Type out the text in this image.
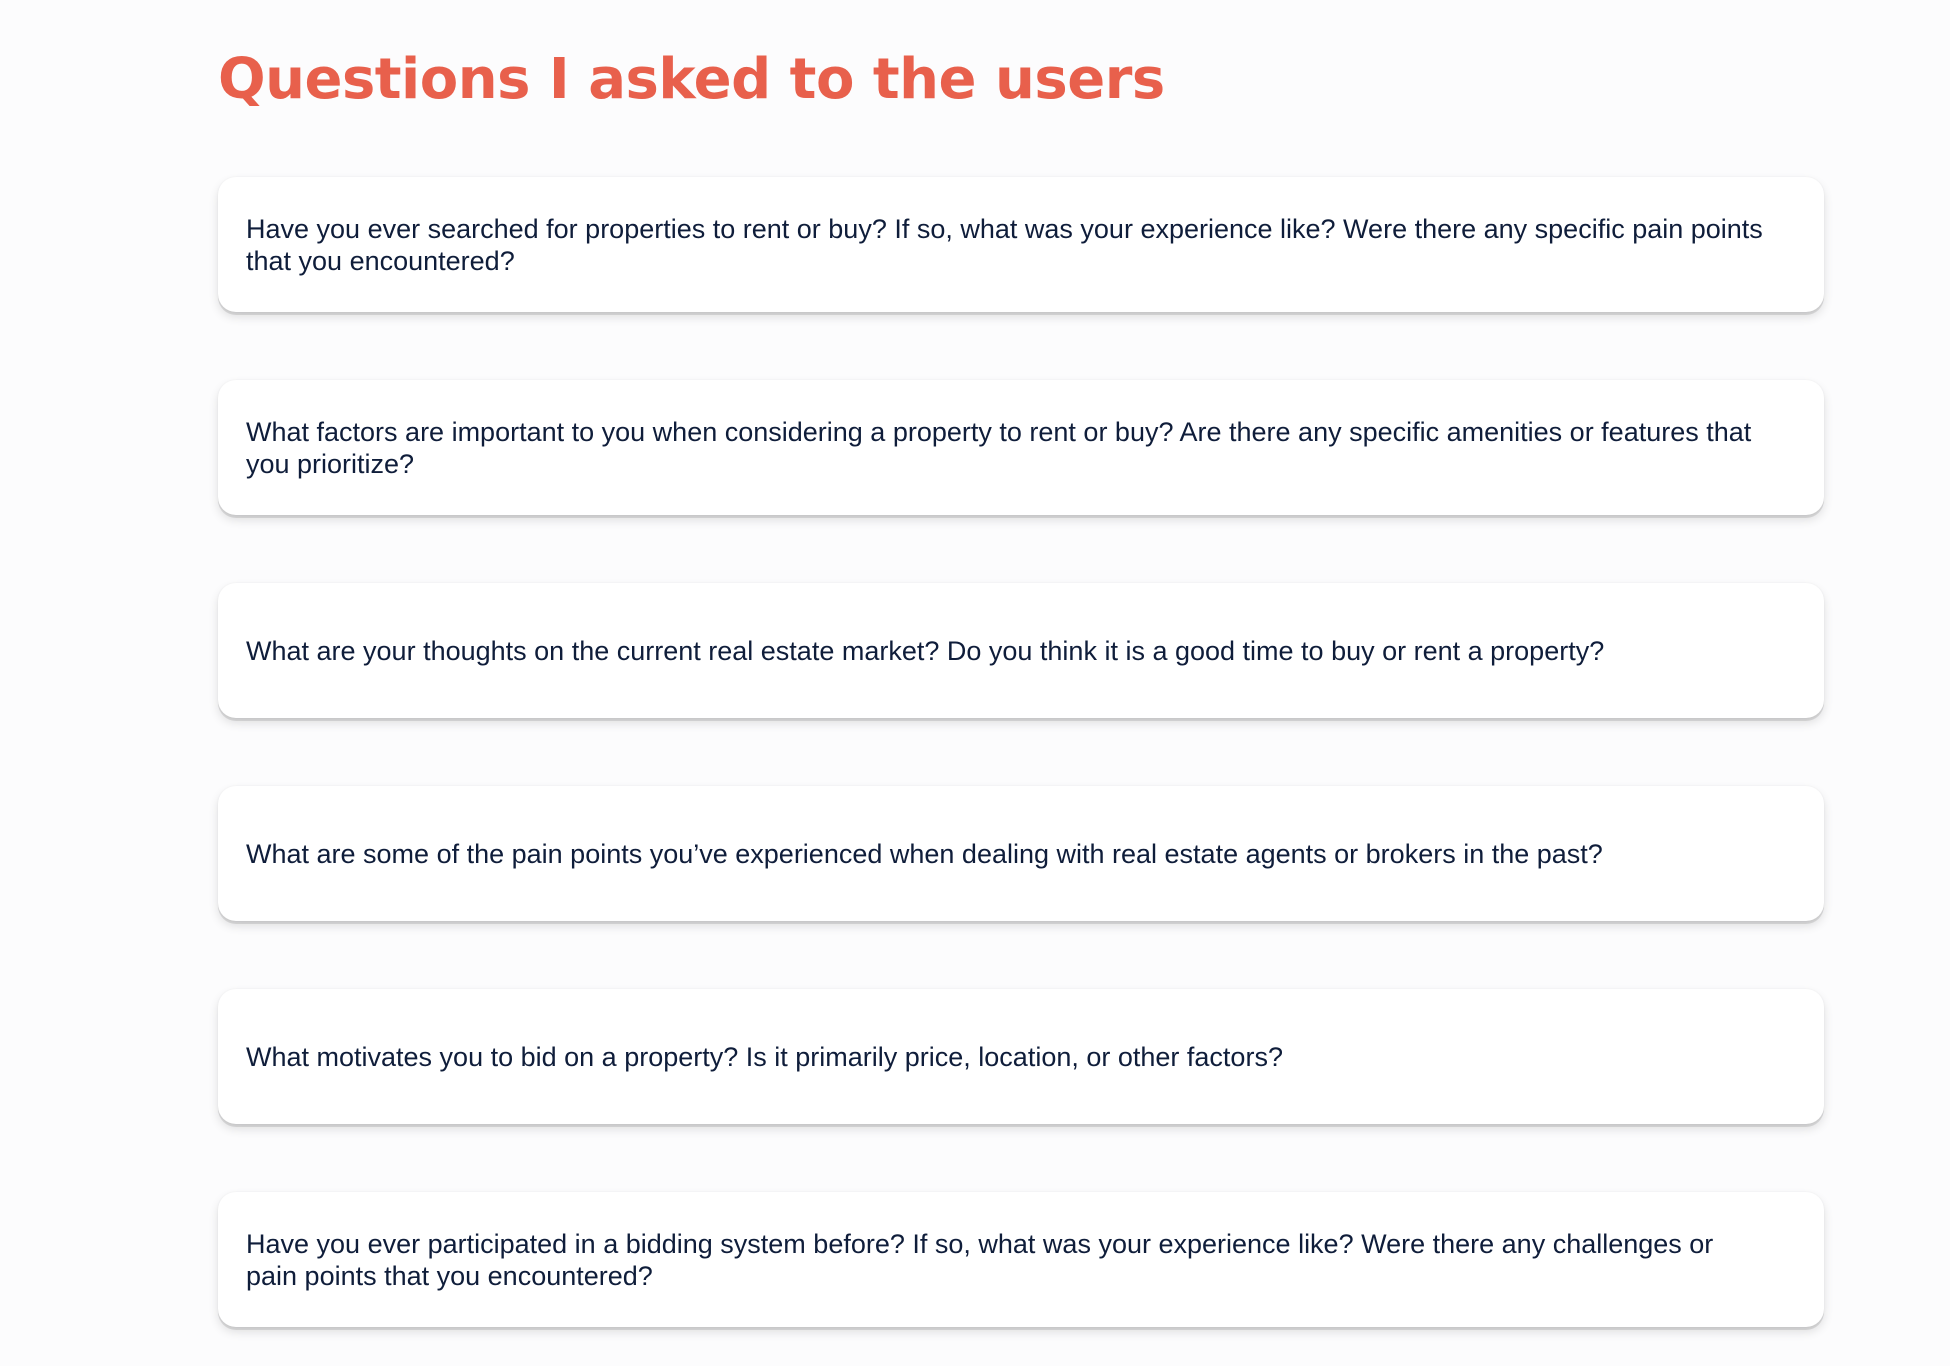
Questions I asked to the users

Have you ever searched for properties to rent or buy? If so, what was your experience like? Were there any specific pain points that you encountered?

What factors are important to you when considering a property to rent or buy? Are there any specific amenities or features that you prioritize?

What are your thoughts on the current real estate market? Do you think it is a good time to buy or rent a property?

What are some of the pain points you’ve experienced when dealing with real estate agents or brokers in the past?

What motivates you to bid on a property? Is it primarily price, location, or other factors?

Have you ever participated in a bidding system before? If so, what was your experience like? Were there any challenges or pain points that you encountered?
